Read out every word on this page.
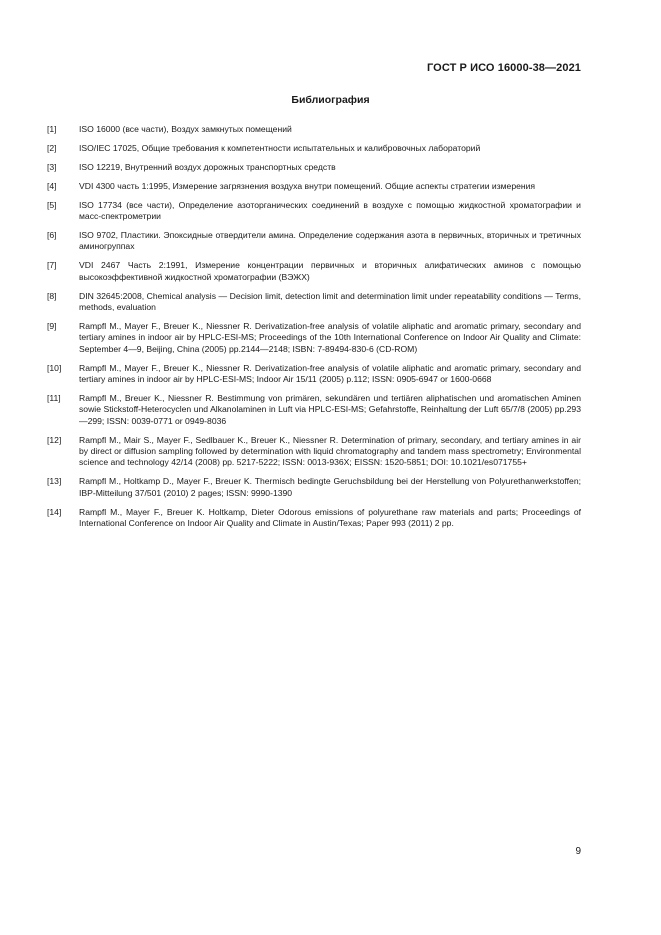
ГОСТ Р ИСО 16000-38—2021
Библиография
[1]	ISO 16000 (все части), Воздух замкнутых помещений
[2]	ISO/IEC 17025, Общие требования к компетентности испытательных и калибровочных лабораторий
[3]	ISO 12219, Внутренний воздух дорожных транспортных средств
[4]	VDI 4300 часть 1:1995, Измерение загрязнения воздуха внутри помещений. Общие аспекты стратегии измерения
[5]	ISO 17734 (все части), Определение азоторганических соединений в воздухе с помощью жидкостной хроматографии и масс-спектрометрии
[6]	ISO 9702, Пластики. Эпоксидные отвердители амина. Определение содержания азота в первичных, вторичных и третичных аминогруппах
[7]	VDI 2467 Часть 2:1991, Измерение концентрации первичных и вторичных алифатических аминов с помощью высокоэффективной жидкостной хроматографии (ВЭЖХ)
[8]	DIN 32645:2008, Chemical analysis — Decision limit, detection limit and determination limit under repeatability conditions — Terms, methods, evaluation
[9]	Rampfl M., Mayer F., Breuer K., Niessner R. Derivatization-free analysis of volatile aliphatic and aromatic primary, secondary and tertiary amines in indoor air by HPLC-ESI-MS; Proceedings of the 10th International Conference on Indoor Air Quality and Climate: September 4—9, Beijing, China (2005) pp.2144—2148; ISBN: 7-89494-830-6 (CD-ROM)
[10]	Rampfl M., Mayer F., Breuer K., Niessner R. Derivatization-free analysis of volatile aliphatic and aromatic primary, secondary and tertiary amines in indoor air by HPLC-ESI-MS; Indoor Air 15/11 (2005) p.112; ISSN: 0905-6947 or 1600-0668
[11]	Rampfl M., Breuer K., Niessner R. Bestimmung von primären, sekundären und tertiären aliphatischen und aromatischen Aminen sowie Stickstoff-Heterocyclen und Alkanolaminen in Luft via HPLC-ESI-MS; Gefahrstoffe, Reinhaltung der Luft 65/7/8 (2005) pp.293—299; ISSN: 0039-0771 or 0949-8036
[12]	Rampfl M., Mair S., Mayer F., Sedlbauer K., Breuer K., Niessner R. Determination of primary, secondary, and tertiary amines in air by direct or diffusion sampling followed by determination with liquid chromatography and tandem mass spectrometry; Environmental science and technology 42/14 (2008) pp. 5217-5222; ISSN: 0013-936X; EISSN: 1520-5851; DOI: 10.1021/es071755+
[13]	Rampfl M., Holtkamp D., Mayer F., Breuer K. Thermisch bedingte Geruchsbildung bei der Herstellung von Polyurethanwerkstoffen; IBP-Mitteilung 37/501 (2010) 2 pages; ISSN: 9990-1390
[14]	Rampfl M., Mayer F., Breuer K. Holtkamp, Dieter Odorous emissions of polyurethane raw materials and parts; Proceedings of International Conference on Indoor Air Quality and Climate in Austin/Texas; Paper 993 (2011) 2 pp.
9
